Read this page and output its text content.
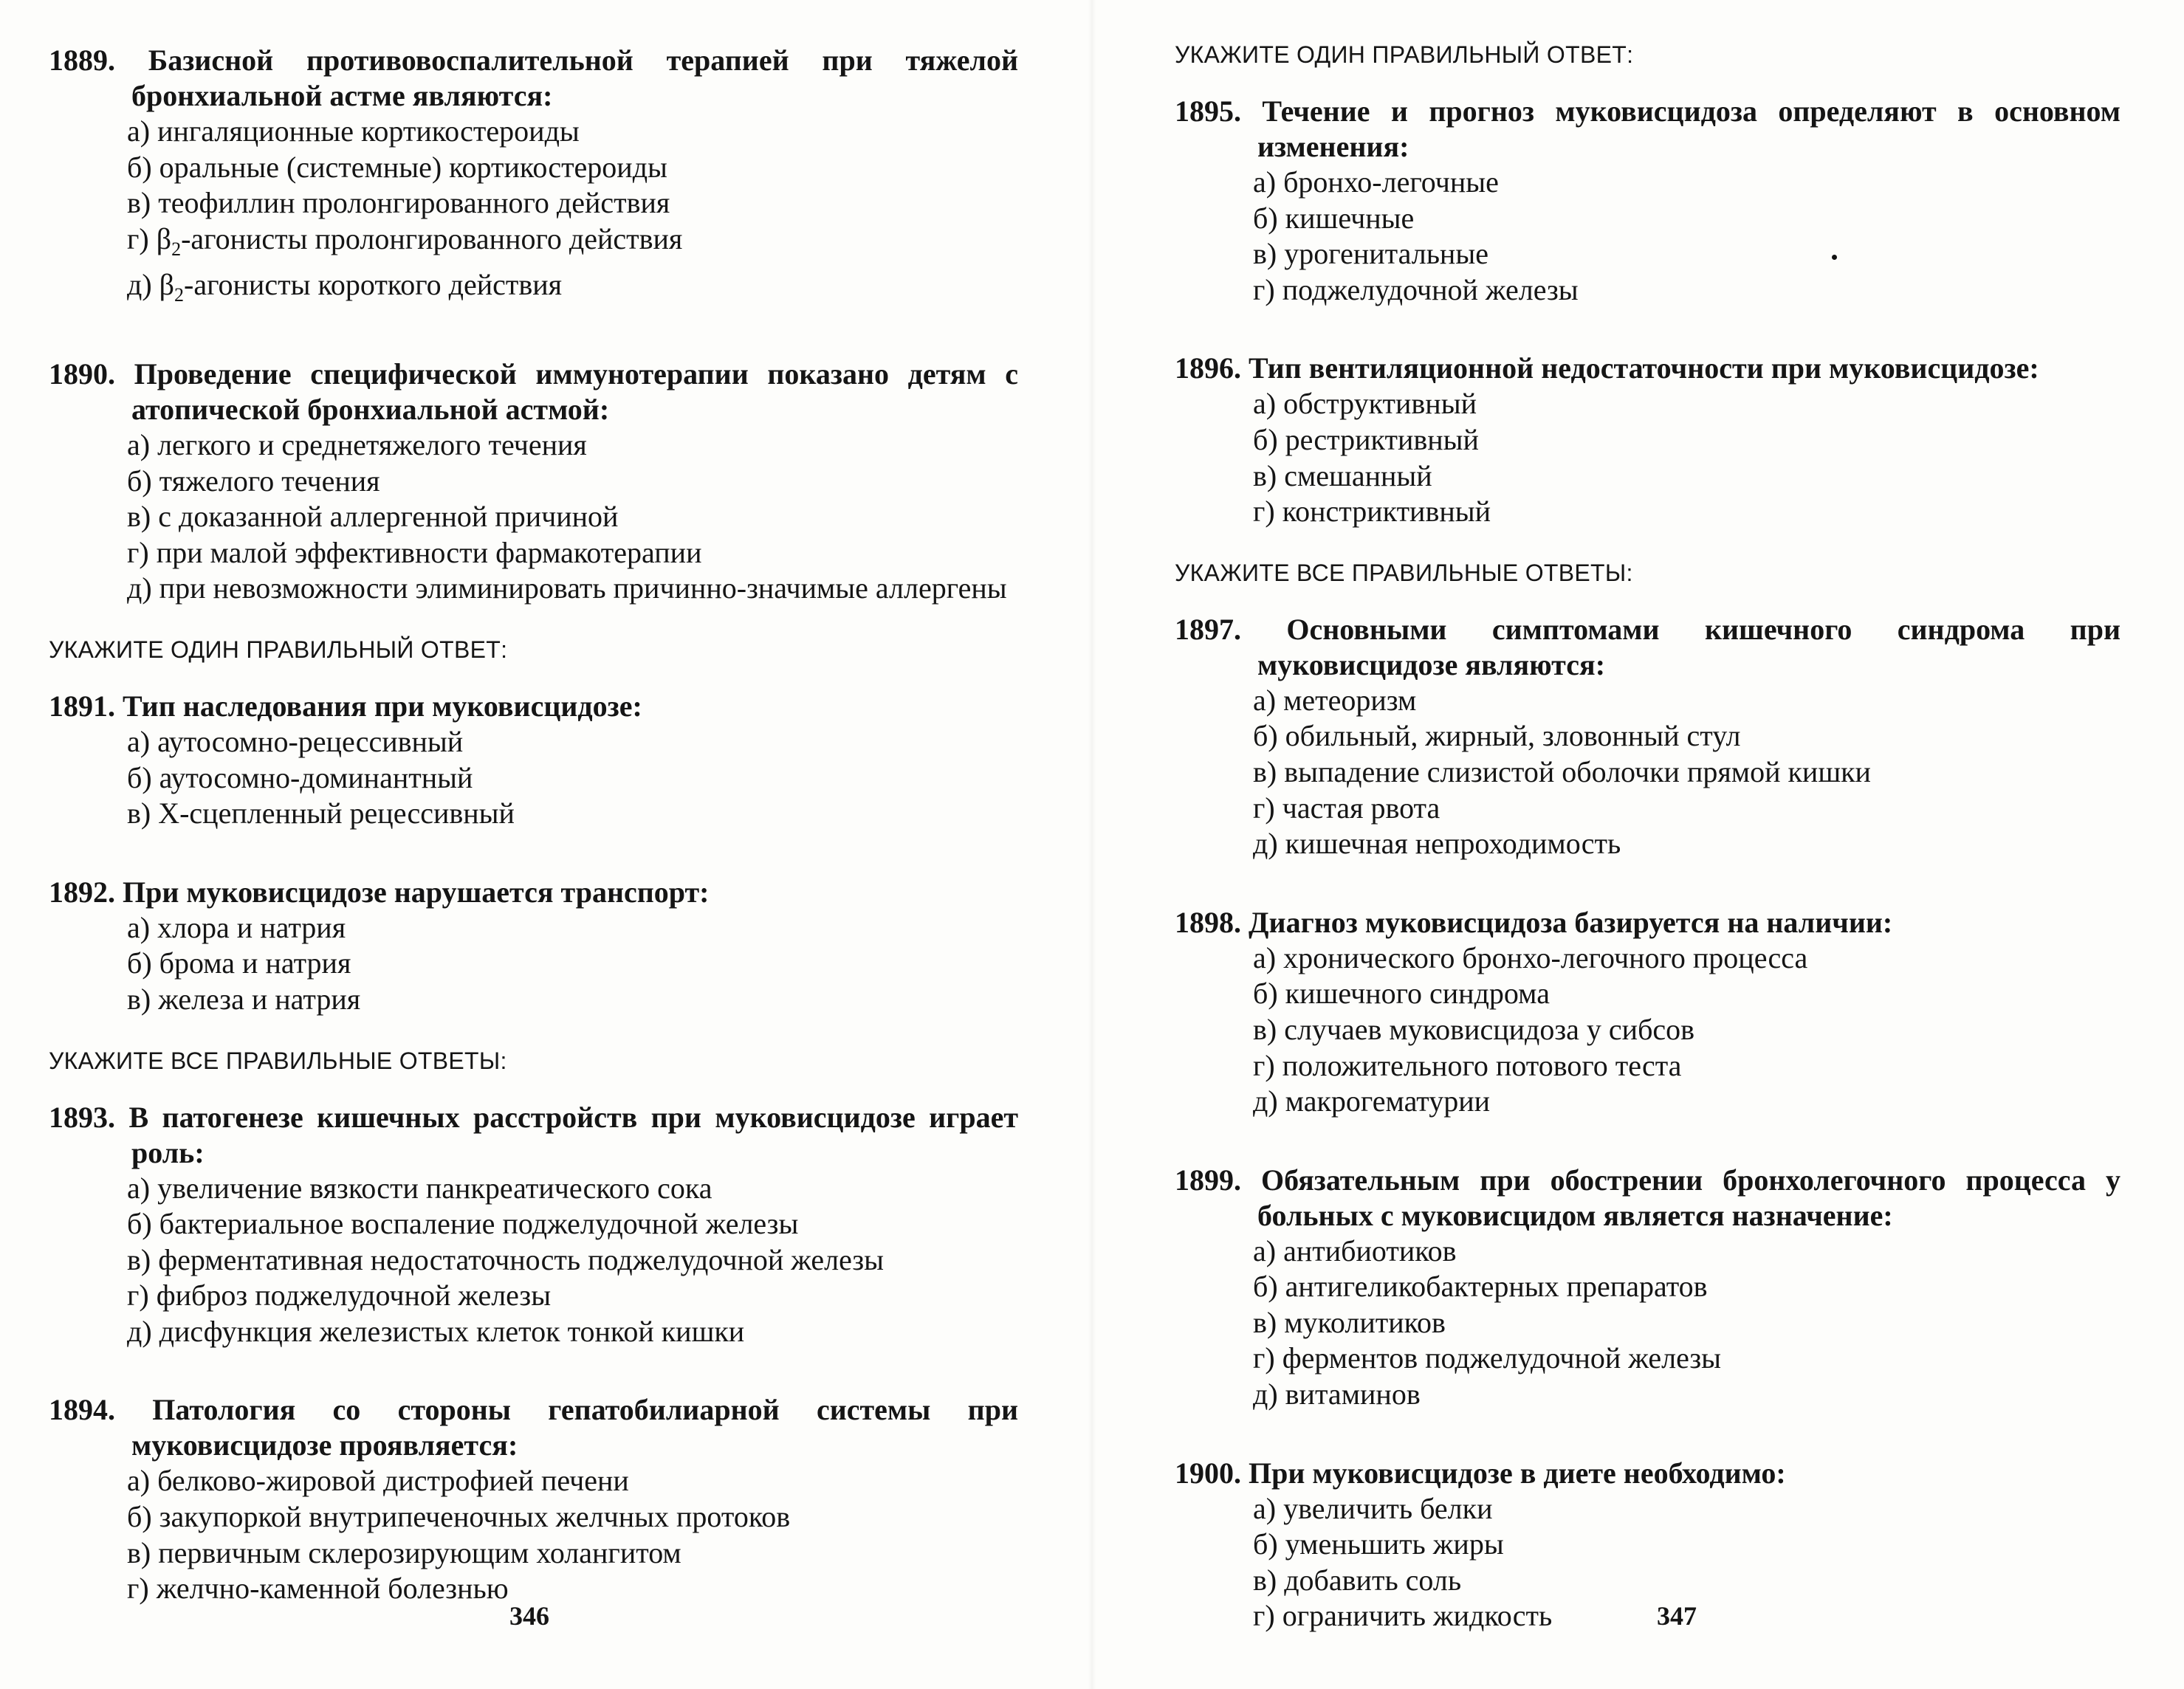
1889. Базисной противовоспалительной терапией при тяжелой бронхиальной астме являются:

а) ингаляционные кортикостероиды
б) оральные (системные) кортикостероиды
в) теофиллин пролонгированного действия
г) $\beta_2$-агонисты пролонгированного действия
д) $\beta_2$-агонисты короткого действия

1890. Проведение специфической иммунотерапии показано детям с атопической бронхиальной астмой:

а) легкого и среднетяжелого течения
б) тяжелого течения
в) с доказанной аллергенной причиной
г) при малой эффективности фармакотерапии
д) при невозможности элиминировать причинно-значимые аллергены
УКАЖИТЕ ОДИН ПРАВИЛЬНЫЙ ОТВЕТ:

1891. Тип наследования при муковисцидозе:

а) аутосомно-рецессивный
б) аутосомно-доминантный
в) Х-сцепленный рецессивный

1892. При муковисцидозе нарушается транспорт:

а) хлора и натрия
б) брома и натрия
в) железа и натрия
УКАЖИТЕ ВСЕ ПРАВИЛЬНЫЕ ОТВЕТЫ:

1893. В патогенезе кишечных расстройств при муковисцидозе играет роль:

а) увеличение вязкости панкреатического сока
б) бактериальное воспаление поджелудочной железы
в) ферментативная недостаточность поджелудочной железы
г) фиброз поджелудочной железы
д) дисфункция железистых клеток тонкой кишки

1894. Патология со стороны гепатобилиарной системы при муковисцидозе проявляется:

а) белково-жировой дистрофией печени
б) закупоркой внутрипеченочных желчных протоков
в) первичным склерозирующим холангитом
г) желчно-каменной болезнью
УКАЖИТЕ ОДИН ПРАВИЛЬНЫЙ ОТВЕТ:

1895. Течение и прогноз муковисцидоза определяют в основном изменения:

а) бронхо-легочные
б) кишечные
в) урогенитальные
г) поджелудочной железы

1896. Тип вентиляционной недостаточности при муковисцидозе:

а) обструктивный
б) рестриктивный
в) смешанный
г) констриктивный
УКАЖИТЕ ВСЕ ПРАВИЛЬНЫЕ ОТВЕТЫ:

1897. Основными симптомами кишечного синдрома при муковисцидозе являются:

а) метеоризм
б) обильный, жирный, зловонный стул
в) выпадение слизистой оболочки прямой кишки
г) частая рвота
д) кишечная непроходимость

1898. Диагноз муковисцидоза базируется на наличии:

а) хронического бронхо-легочного процесса
б) кишечного синдрома
в) случаев муковисцидоза у сибсов
г) положительного потового теста
д) макрогематурии

1899. Обязательным при обострении бронхолегочного процесса у больных с муковисцидом является назначение:

а) антибиотиков
б) антигеликобактерных препаратов
в) муколитиков
г) ферментов поджелудочной железы
д) витаминов

1900. При муковисцидозе в диете необходимо:

а) увеличить белки
б) уменьшить жиры
в) добавить соль
г) ограничить жидкость
346	347
